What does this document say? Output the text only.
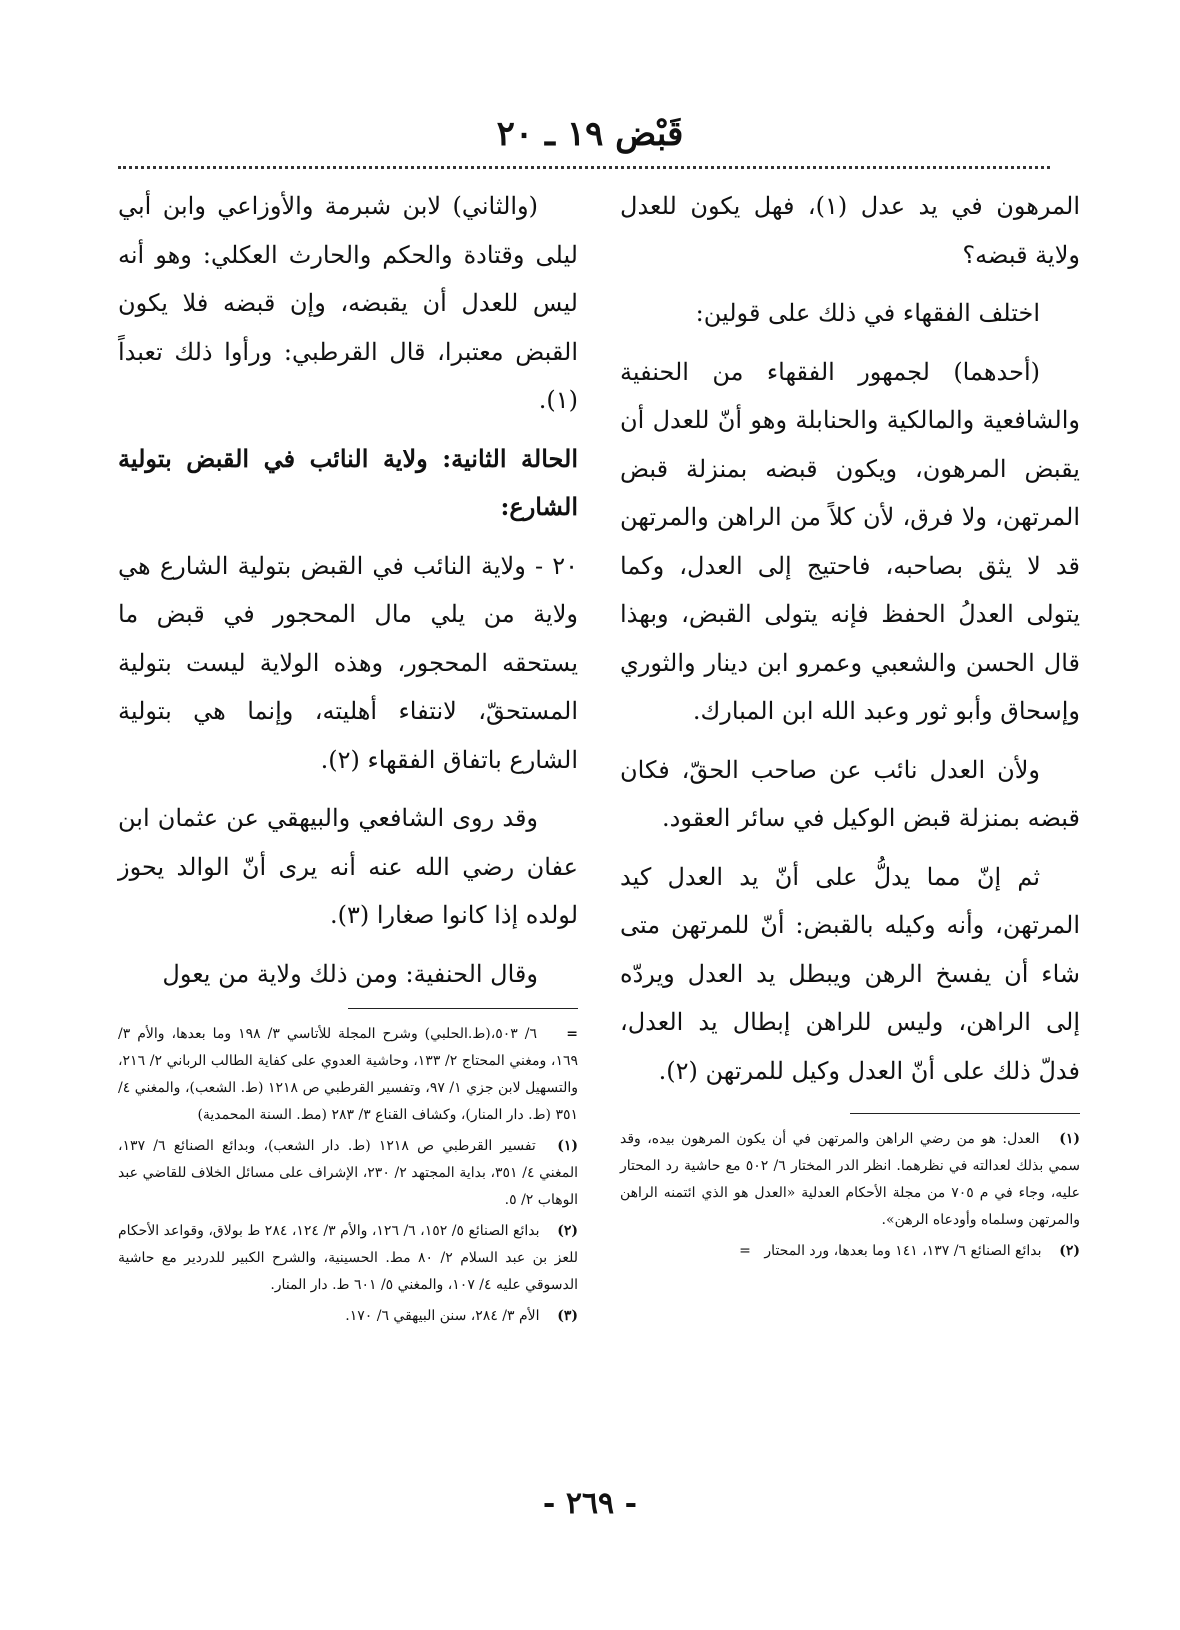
قَبْض ١٩ ـ ٢٠

المرهون في يد عدل (١)، فهل يكون للعدل ولاية قبضه؟

اختلف الفقهاء في ذلك على قولين:

(أحدهما) لجمهور الفقهاء من الحنفية والشافعية والمالكية والحنابلة وهو أنّ للعدل أن يقبض المرهون، ويكون قبضه بمنزلة قبض المرتهن، ولا فرق، لأن كلاً من الراهن والمرتهن قد لا يثق بصاحبه، فاحتيج إلى العدل، وكما يتولى العدلُ الحفظ فإنه يتولى القبض، وبهذا قال الحسن والشعبي وعمرو ابن دينار والثوري وإسحاق وأبو ثور وعبد الله ابن المبارك.

ولأن العدل نائب عن صاحب الحقّ، فكان قبضه بمنزلة قبض الوكيل في سائر العقود.

ثم إنّ مما يدلُّ على أنّ يد العدل كيد المرتهن، وأنه وكيله بالقبض: أنّ للمرتهن متى شاء أن يفسخ الرهن ويبطل يد العدل ويردّه إلى الراهن، وليس للراهن إبطال يد العدل، فدلّ ذلك على أنّ العدل وكيل للمرتهن (٢).

(١) العدل: هو من رضي الراهن والمرتهن في أن يكون المرهون بيده، وقد سمي بذلك لعدالته في نظرهما. انظر الدر المختار ٦/ ٥٠٢ مع حاشية رد المحتار عليه، وجاء في م ٧٠٥ من مجلة الأحكام العدلية «العدل هو الذي ائتمنه الراهن والمرتهن وسلماه وأودعاه الرهن».

(٢) بدائع الصنائع ٦/ ١٣٧، ١٤١ وما بعدها، ورد المحتار =

(والثاني) لابن شبرمة والأوزاعي وابن أبي ليلى وقتادة والحكم والحارث العكلي: وهو أنه ليس للعدل أن يقبضه، وإن قبضه فلا يكون القبض معتبرا، قال القرطبي: ورأوا ذلك تعبداً (١).

الحالة الثانية: ولاية النائب في القبض بتولية الشارع:

٢٠ - ولاية النائب في القبض بتولية الشارع هي ولاية من يلي مال المحجور في قبض ما يستحقه المحجور، وهذه الولاية ليست بتولية المستحقّ، لانتفاء أهليته، وإنما هي بتولية الشارع باتفاق الفقهاء (٢).

وقد روى الشافعي والبيهقي عن عثمان ابن عفان رضي الله عنه أنه يرى أنّ الوالد يحوز لولده إذا كانوا صغارا (٣).

وقال الحنفية: ومن ذلك ولاية من يعول

= ٦/ ٥٠٣،(ط.الحلبي) وشرح المجلة للأتاسي ٣/ ١٩٨ وما بعدها، والأم ٣/ ١٦٩، ومغني المحتاج ٢/ ١٣٣، وحاشية العدوي على كفاية الطالب الرباني ٢/ ٢١٦، والتسهيل لابن جزي ١/ ٩٧، وتفسير القرطبي ص ١٢١٨ (ط. الشعب)، والمغني ٤/ ٣٥١ (ط. دار المنار)، وكشاف القناع ٣/ ٢٨٣ (مط. السنة المحمدية)

(١) تفسير القرطبي ص ١٢١٨ (ط. دار الشعب)، وبدائع الصنائع ٦/ ١٣٧، المغني ٤/ ٣٥١، بداية المجتهد ٢/ ٢٣٠، الإشراف على مسائل الخلاف للقاضي عبد الوهاب ٢/ ٥.

(٢) بدائع الصنائع ٥/ ١٥٢، ٦/ ١٢٦، والأم ٣/ ١٢٤، ٢٨٤ ط بولاق، وقواعد الأحكام للعز بن عبد السلام ٢/ ٨٠ مط. الحسينية، والشرح الكبير للدردير مع حاشية الدسوقي عليه ٤/ ١٠٧، والمغني ٥/ ٦٠١ ط. دار المنار.

(٣) الأم ٣/ ٢٨٤، سنن البيهقي ٦/ ١٧٠.

- ٢٦٩ -
